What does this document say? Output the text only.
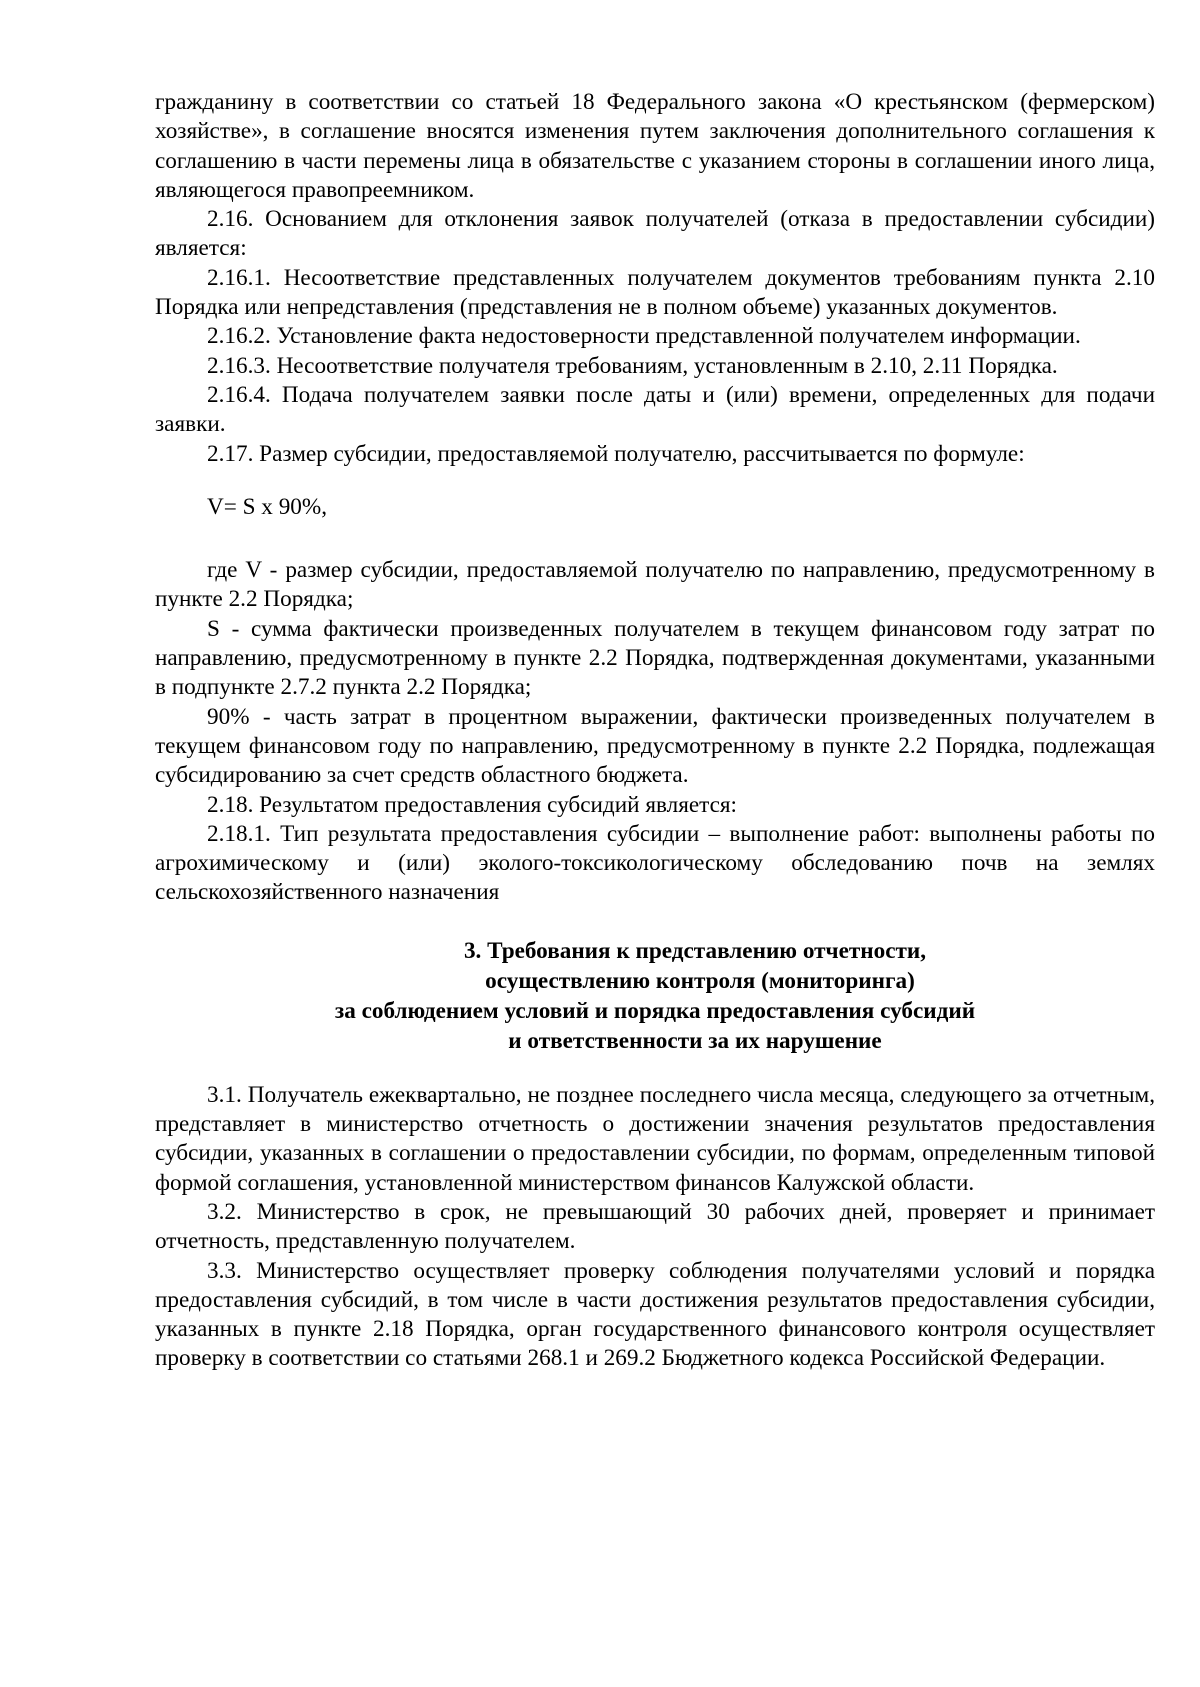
гражданину в соответствии со статьей 18 Федерального закона «О крестьянском (фермерском) хозяйстве», в соглашение вносятся изменения путем заключения дополнительного соглашения к соглашению в части перемены лица в обязательстве с указанием стороны в соглашении иного лица, являющегося правопреемником.

2.16. Основанием для отклонения заявок получателей (отказа в предоставлении субсидии) является:

2.16.1. Несоответствие представленных получателем документов требованиям пункта 2.10 Порядка или непредставления (представления не в полном объеме) указанных документов.

2.16.2. Установление факта недостоверности представленной получателем информации.

2.16.3. Несоответствие получателя требованиям, установленным в 2.10, 2.11 Порядка.

2.16.4. Подача получателем заявки после даты и (или) времени, определенных для подачи заявки.

2.17. Размер субсидии, предоставляемой получателю, рассчитывается по формуле:

V= S x 90%,

где V - размер субсидии, предоставляемой получателю по направлению, предусмотренному в пункте 2.2 Порядка;

S - сумма фактически произведенных получателем в текущем финансовом году затрат по направлению, предусмотренному в пункте 2.2 Порядка, подтвержденная документами, указанными в подпункте 2.7.2 пункта 2.2 Порядка;

90% - часть затрат в процентном выражении, фактически произведенных получателем в текущем финансовом году по направлению, предусмотренному в пункте 2.2 Порядка, подлежащая субсидированию за счет средств областного бюджета.

2.18. Результатом предоставления субсидий является:

2.18.1. Тип результата предоставления субсидии – выполнение работ: выполнены работы по агрохимическому и (или) эколого-токсикологическому обследованию почв на землях сельскохозяйственного назначения

3. Требования к представлению отчетности,
осуществлению контроля (мониторинга)
за соблюдением условий и порядка предоставления субсидий
и ответственности за их нарушение

3.1. Получатель ежеквартально, не позднее последнего числа месяца, следующего за отчетным, представляет в министерство отчетность о достижении значения результатов предоставления субсидии, указанных в соглашении о предоставлении субсидии, по формам, определенным типовой формой соглашения, установленной министерством финансов Калужской области.

3.2. Министерство в срок, не превышающий 30 рабочих дней, проверяет и принимает отчетность, представленную получателем.

3.3. Министерство осуществляет проверку соблюдения получателями условий и порядка предоставления субсидий, в том числе в части достижения результатов предоставления субсидии, указанных в пункте 2.18 Порядка, орган государственного финансового контроля осуществляет проверку в соответствии со статьями 268.1 и 269.2 Бюджетного кодекса Российской Федерации.
